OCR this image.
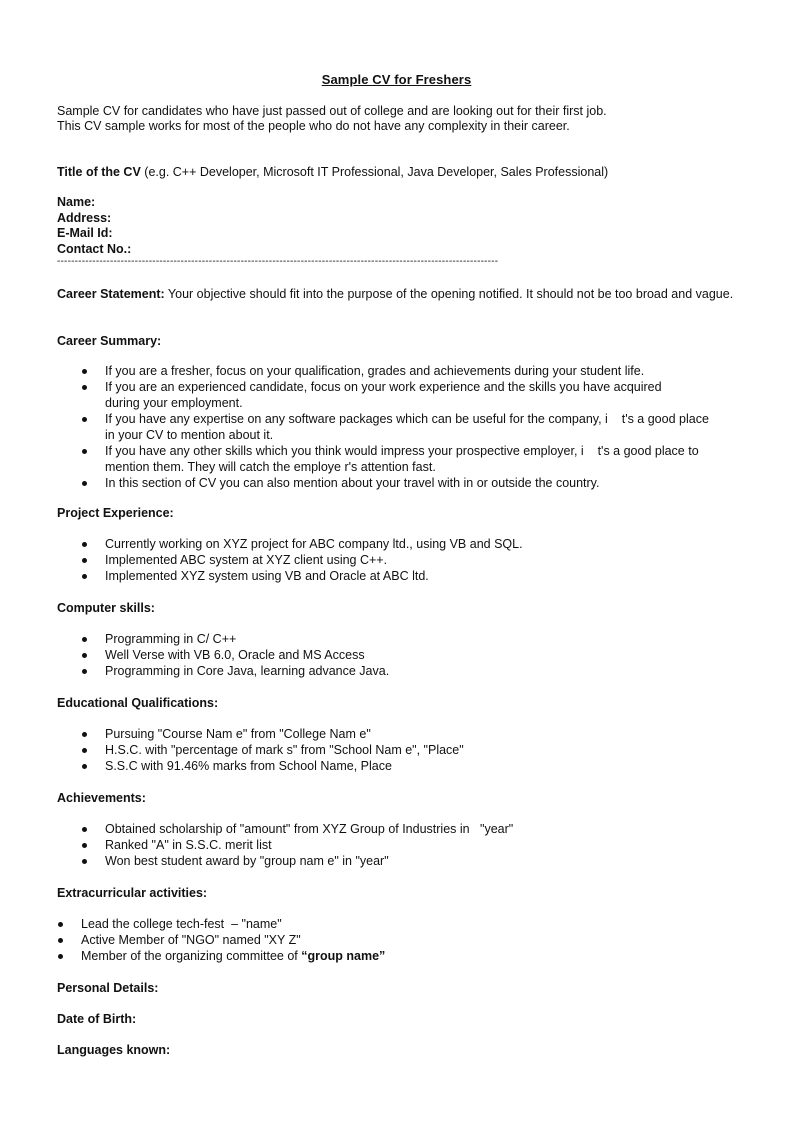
Sample CV for Freshers
Sample CV for candidates who have just passed out of college and are looking out for their first job.
This CV sample works for most of the people who do not have any complexity in their career.
Title of the CV (e.g. C++ Developer, Microsoft IT Professional, Java Developer, Sales Professional)
Name:
Address:
E-Mail Id:
Contact No.:
-----------------------------------------------------------------------------------------------------------------------------
Career Statement: Your objective should fit into the purpose of the opening notified. It should not be too broad and vague.
Career Summary:
If you are a fresher, focus on your qualification, grades and achievements during your student life.
If you are an experienced candidate, focus on your work experience and the skills you have acquired
during your employment.
If you have any expertise on any software packages which can be useful for the company, i    t's a good place
in your CV to mention about it.
If you have any other skills which you think would impress your prospective employer, i    t's a good place to
mention them. They will catch the employe r's attention fast.
In this section of CV you can also mention about your travel with in or outside the country.
Project Experience:
Currently working on XYZ project for ABC company ltd., using VB and SQL.
Implemented ABC system at XYZ client using C++.
Implemented XYZ system using VB and Oracle at ABC ltd.
Computer skills:
Programming in C/ C++
Well Verse with VB 6.0, Oracle and MS Access
Programming in Core Java, learning advance Java.
Educational Qualifications:
Pursuing "Course Nam e" from "College Nam e"
H.S.C. with "percentage of mark s" from "School Nam e", "Place"
S.S.C with 91.46% marks from School Name, Place
Achievements:
Obtained scholarship of "amount" from XYZ Group of Industries in   "year"
Ranked "A" in S.S.C. merit list
Won best student award by "group nam e" in "year"
Extracurricular activities:
Lead the college tech-fest  – "name"
Active Member of "NGO" named "XY Z"
Member of the organizing committee of “group name”
Personal Details:
Date of Birth:
Languages known:
